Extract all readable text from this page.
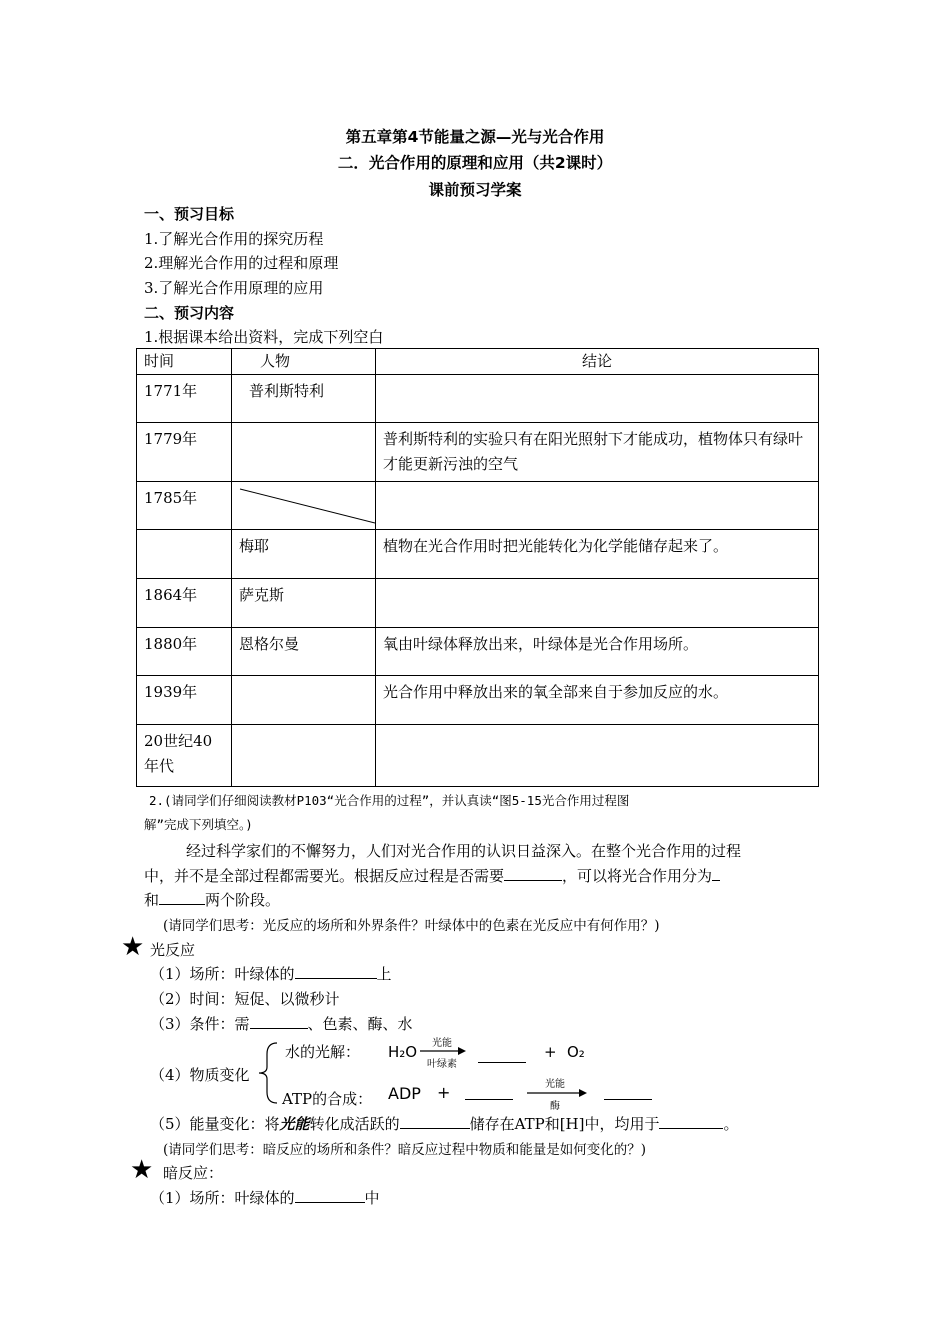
第五章第4节能量之源—光与光合作用
二．光合作用的原理和应用（共2课时）
课前预习学案
一、预习目标
1.了解光合作用的探究历程
2.理解光合作用的过程和原理
3.了解光合作用原理的应用
二、预习内容
1.根据课本给出资料，完成下列空白
时间	人物	结论
1771年	普利斯特利	
1779年		普利斯特利的实验只有在阳光照射下才能成功，植物体只有绿叶才能更新污浊的空气
1785年	

	梅耶	植物在光合作用时把光能转化为化学能储存起来了。
1864年	萨克斯	
1880年	恩格尔曼	氧由叶绿体释放出来，叶绿体是光合作用场所。
1939年		光合作用中释放出来的氧全部来自于参加反应的水。
20世纪40年代		
2.(请同学们仔细阅读教材P103“光合作用的过程”，并认真读“图5-15光合作用过程图
解”完成下列填空。)
经过科学家们的不懈努力，人们对光合作用的认识日益深入。在整个光合作用的过程
中，并不是全部过程都需要光。根据反应过程是否需要	，可以将光合作用分为
和	两个阶段。
(请同学们思考：光反应的场所和外界条件？叶绿体中的色素在光反应中有何作用？)
★ 光反应
（1）场所：叶绿体的	上
（2）时间：短促、以微秒计
（3）条件：需	、色素、酶、水
（4）物质变化
水的光解： H₂O	光能
叶绿素
+ O₂
ATP的合成： ADP +	光能
酶
（5）能量变化：将光能转化成活跃的	储存在ATP和[H]中，均用于	。
(请同学们思考：暗反应的场所和条件？暗反应过程中物质和能量是如何变化的？)
★ 暗反应：
（1）场所：叶绿体的	中
